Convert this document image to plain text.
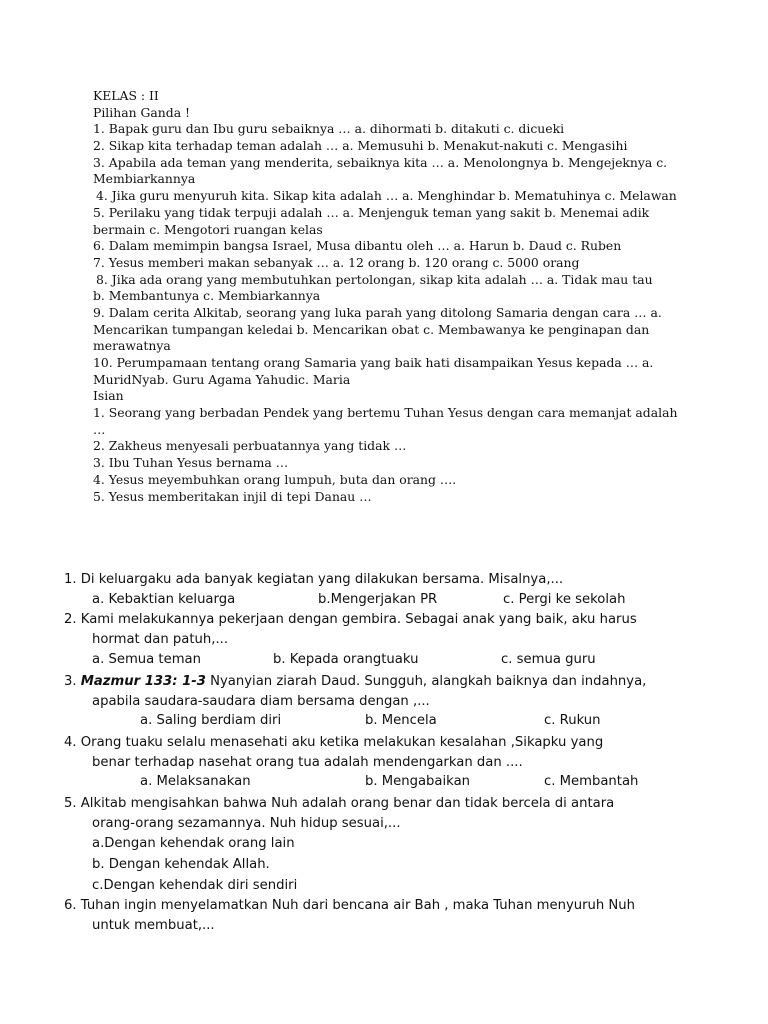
KELAS : II
Pilihan Ganda !
1. Bapak guru dan Ibu guru sebaiknya … a. dihormati b. ditakuti c. dicueki
2. Sikap kita terhadap teman adalah … a. Memusuhi b. Menakut-nakuti c. Mengasihi
3. Apabila ada teman yang menderita, sebaiknya kita … a. Menolongnya b. Mengejeknya c.
Membiarkannya
4. Jika guru menyuruh kita. Sikap kita adalah … a. Menghindar b. Mematuhinya c. Melawan
5. Perilaku yang tidak terpuji adalah … a. Menjenguk teman yang sakit b. Menemai adik
bermain c. Mengotori ruangan kelas
6. Dalam memimpin bangsa Israel, Musa dibantu oleh … a. Harun b. Daud c. Ruben
7. Yesus memberi makan sebanyak … a. 12 orang b. 120 orang c. 5000 orang
8. Jika ada orang yang membutuhkan pertolongan, sikap kita adalah … a. Tidak mau tau
b. Membantunya c. Membiarkannya
9. Dalam cerita Alkitab, seorang yang luka parah yang ditolong Samaria dengan cara … a.
Mencarikan tumpangan keledai b. Mencarikan obat c. Membawanya ke penginapan dan
merawatnya
10. Perumpamaan tentang orang Samaria yang baik hati disampaikan Yesus kepada … a.
MuridNyab. Guru Agama Yahudic. Maria
Isian
1. Seorang yang berbadan Pendek yang bertemu Tuhan Yesus dengan cara memanjat adalah
…
2. Zakheus menyesali perbuatannya yang tidak …
3. Ibu Tuhan Yesus bernama …
4. Yesus meyembuhkan orang lumpuh, buta dan orang ….
5. Yesus memberitakan injil di tepi Danau …
1. Di keluargaku ada banyak kegiatan yang dilakukan bersama. Misalnya,...
a. Kebaktian keluarga	b.Mengerjakan PR	c. Pergi ke sekolah
2. Kami melakukannya pekerjaan dengan gembira. Sebagai anak yang baik, aku harus
hormat dan patuh,...
a. Semua teman	b. Kepada orangtuaku	c. semua guru
3. Mazmur 133: 1-3 Nyanyian ziarah Daud. Sungguh, alangkah baiknya dan indahnya,
apabila saudara-saudara diam bersama dengan ,...
a. Saling berdiam diri	b. Mencela	c. Rukun
4. Orang tuaku selalu menasehati aku ketika melakukan kesalahan ,Sikapku yang
benar terhadap nasehat orang tua adalah mendengarkan dan ....
a. Melaksanakan	b. Mengabaikan	c. Membantah
5. Alkitab mengisahkan bahwa Nuh adalah orang benar dan tidak bercela di antara
orang-orang sezamannya. Nuh hidup sesuai,...
a.Dengan kehendak orang lain
b. Dengan kehendak Allah.
c.Dengan kehendak diri sendiri
6. Tuhan ingin menyelamatkan Nuh dari bencana air Bah , maka Tuhan menyuruh Nuh
untuk membuat,...
